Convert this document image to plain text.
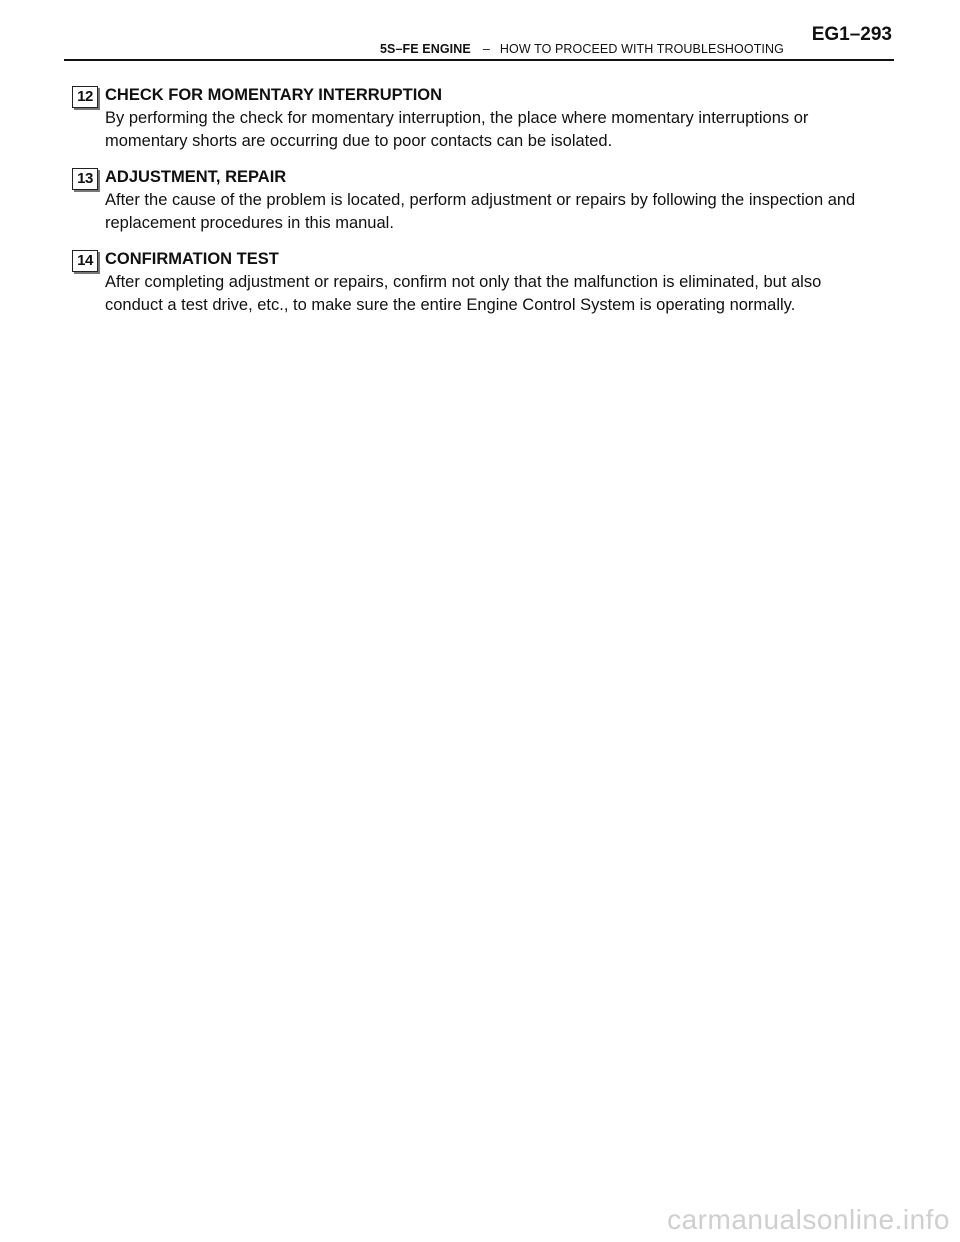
5S–FE ENGINE – HOW TO PROCEED WITH TROUBLESHOOTING
EG1–293
12 CHECK FOR MOMENTARY INTERRUPTION

By performing the check for momentary interruption, the place where momentary interruptions or momentary shorts are occurring due to poor contacts can be isolated.

13 ADJUSTMENT, REPAIR

After the cause of the problem is located, perform adjustment or repairs by following the inspection and replacement procedures in this manual.

14 CONFIRMATION TEST

After completing adjustment or repairs, confirm not only that the malfunction is eliminated, but also conduct a test drive, etc., to make sure the entire Engine Control System is operating normally.

carmanualsonline.info
